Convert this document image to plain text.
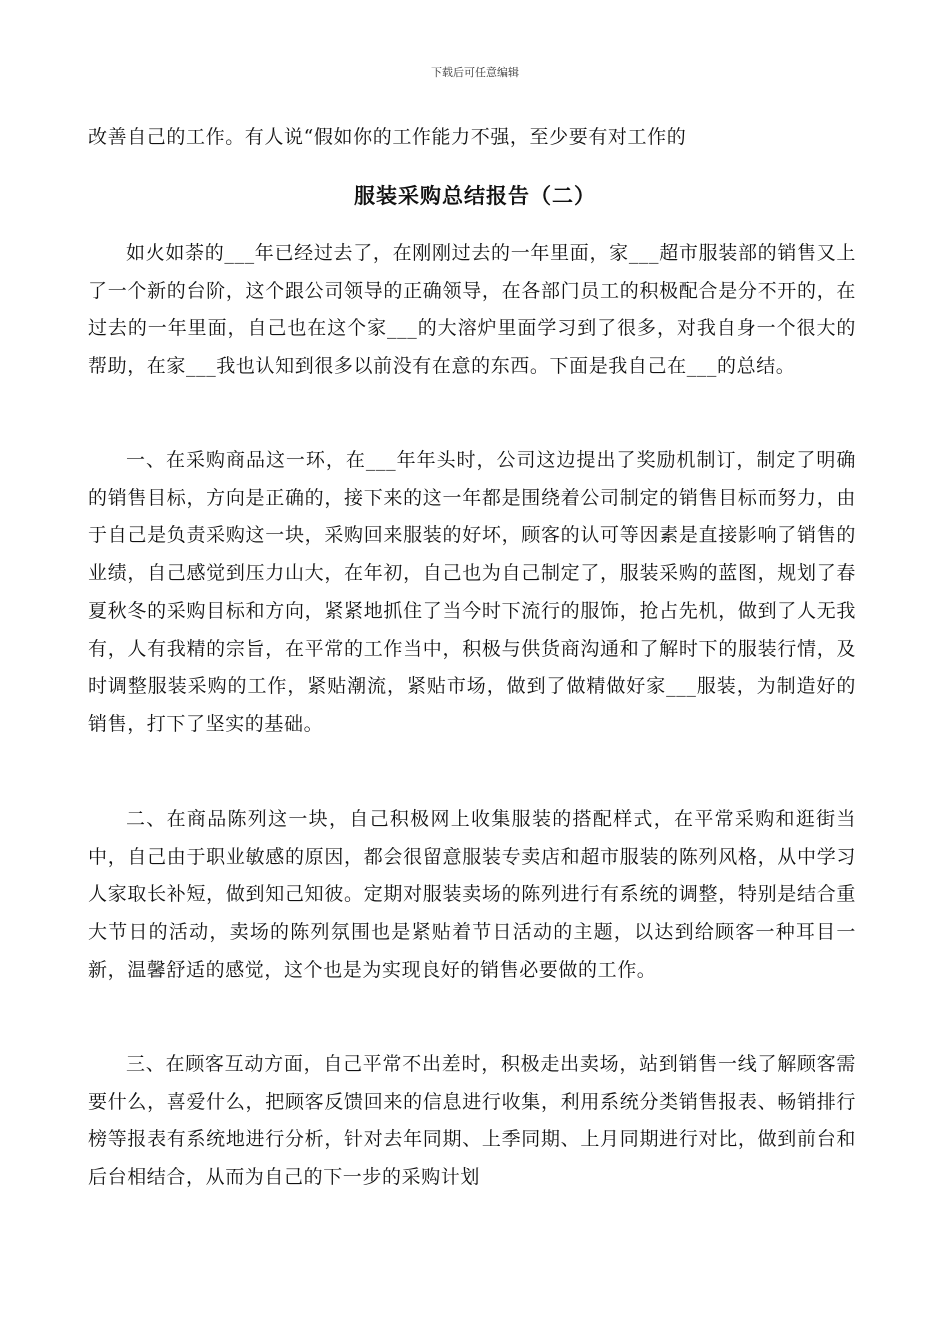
下载后可任意编辑

改善自己的工作。有人说“假如你的工作能力不强，至少要有对工作的

服装采购总结报告（二）

如火如荼的___年已经过去了，在刚刚过去的一年里面，家___超市服装部的销售又上了一个新的台阶，这个跟公司领导的正确领导，在各部门员工的积极配合是分不开的，在过去的一年里面，自己也在这个家___的大溶炉里面学习到了很多，对我自身一个很大的帮助，在家___我也认知到很多以前没有在意的东西。下面是我自己在___的总结。

一、在采购商品这一环，在___年年头时，公司这边提出了奖励机制订，制定了明确的销售目标，方向是正确的，接下来的这一年都是围绕着公司制定的销售目标而努力，由于自己是负责采购这一块，采购回来服装的好坏，顾客的认可等因素是直接影响了销售的业绩，自己感觉到压力山大，在年初，自己也为自己制定了，服装采购的蓝图，规划了春夏秋冬的采购目标和方向，紧紧地抓住了当今时下流行的服饰，抢占先机，做到了人无我有，人有我精的宗旨，在平常的工作当中，积极与供货商沟通和了解时下的服装行情，及时调整服装采购的工作，紧贴潮流，紧贴市场，做到了做精做好家___服装，为制造好的销售，打下了坚实的基础。

二、在商品陈列这一块，自己积极网上收集服装的搭配样式，在平常采购和逛街当中，自己由于职业敏感的原因，都会很留意服装专卖店和超市服装的陈列风格，从中学习人家取长补短，做到知己知彼。定期对服装卖场的陈列进行有系统的调整，特别是结合重大节日的活动，卖场的陈列氛围也是紧贴着节日活动的主题，以达到给顾客一种耳目一新，温馨舒适的感觉，这个也是为实现良好的销售必要做的工作。

三、在顾客互动方面，自己平常不出差时，积极走出卖场，站到销售一线了解顾客需要什么，喜爱什么，把顾客反馈回来的信息进行收集，利用系统分类销售报表、畅销排行榜等报表有系统地进行分析，针对去年同期、上季同期、上月同期进行对比，做到前台和后台相结合，从而为自己的下一步的采购计划
